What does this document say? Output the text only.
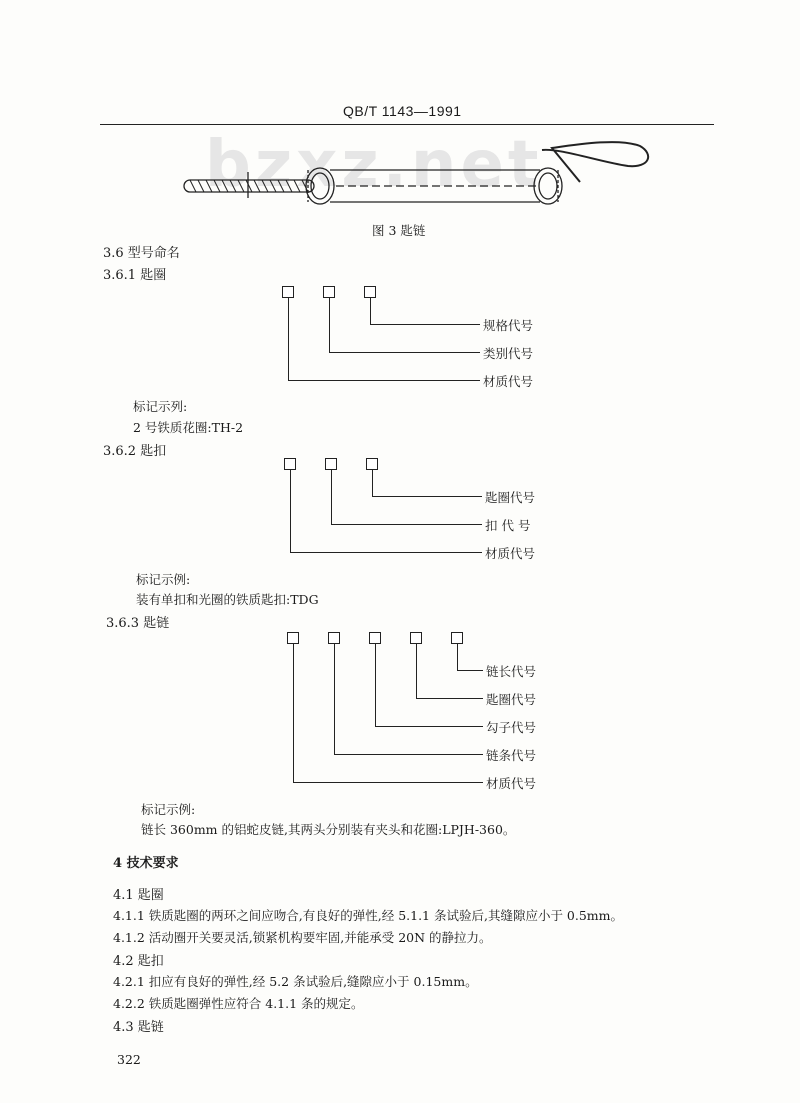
bzxz.net
QB/T 1143—1991
图 3 匙链
3.6 型号命名
3.6.1 匙圈
规格代号
类别代号
材质代号
标记示列:
2 号铁质花圈:TH-2
3.6.2 匙扣
匙圈代号
扣 代 号
材质代号
标记示例:
装有单扣和光圈的铁质匙扣:TDG
3.6.3 匙链
链长代号
匙圈代号
勾子代号
链条代号
材质代号
标记示例:
链长 360mm 的铝蛇皮链,其两头分别装有夹头和花圈:LPJH-360。
4 技术要求
4.1 匙圈
4.1.1 铁质匙圈的两环之间应吻合,有良好的弹性,经 5.1.1 条试验后,其缝隙应小于 0.5mm。
4.1.2 活动圈开关要灵活,锁紧机构要牢固,并能承受 20N 的静拉力。
4.2 匙扣
4.2.1 扣应有良好的弹性,经 5.2 条试验后,缝隙应小于 0.15mm。
4.2.2 铁质匙圈弹性应符合 4.1.1 条的规定。
4.3 匙链
322
